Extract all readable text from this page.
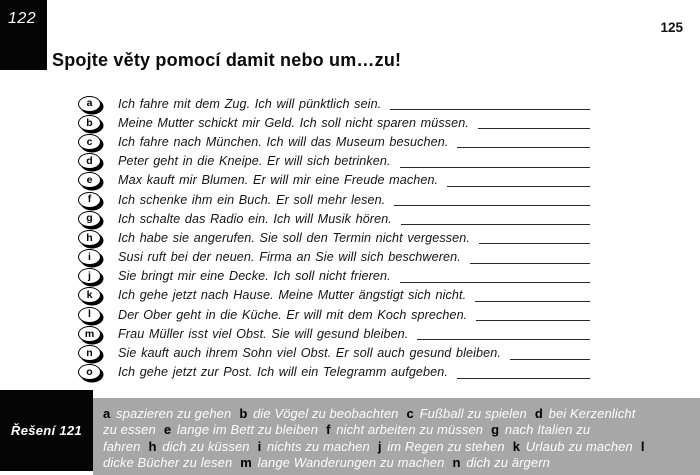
122
125
Spojte věty pomocí damit nebo um…zu!
a	Ich fahre mit dem Zug. Ich will pünktlich sein.
b	Meine Mutter schickt mir Geld. Ich soll nicht sparen müssen.
c	Ich fahre nach München. Ich will das Museum besuchen.
d	Peter geht in die Kneipe. Er will sich betrinken.
e	Max kauft mir Blumen. Er will mir eine Freude machen.
f	Ich schenke ihm ein Buch. Er soll mehr lesen.
g	Ich schalte das Radio ein. Ich will Musik hören.
h	Ich habe sie angerufen. Sie soll den Termin nicht vergessen.
i	Susi ruft bei der neuen. Firma an Sie will sich beschweren.
j	Sie bringt mir eine Decke. Ich soll nicht frieren.
k	Ich gehe jetzt nach Hause. Meine Mutter ängstigt sich nicht.
l	Der Ober geht in die Küche. Er will mit dem Koch sprechen.
m	Frau Müller isst viel Obst. Sie will gesund bleiben.
n	Sie kauft auch ihrem Sohn viel Obst. Er soll auch gesund bleiben.
o	Ich gehe jetzt zur Post. Ich will ein Telegramm aufgeben.
Řešení 121
a spazieren zu gehen b die Vögel zu beobachten c Fußball zu spielen d bei Kerzenlicht zu essen e lange im Bett zu bleiben f nicht arbeiten zu müssen g nach Italien zu fahren h dich zu küssen i nichts zu machen j im Regen zu stehen k Urlaub zu machen l dicke Bücher zu lesen m lange Wanderungen zu machen n dich zu ärgern
